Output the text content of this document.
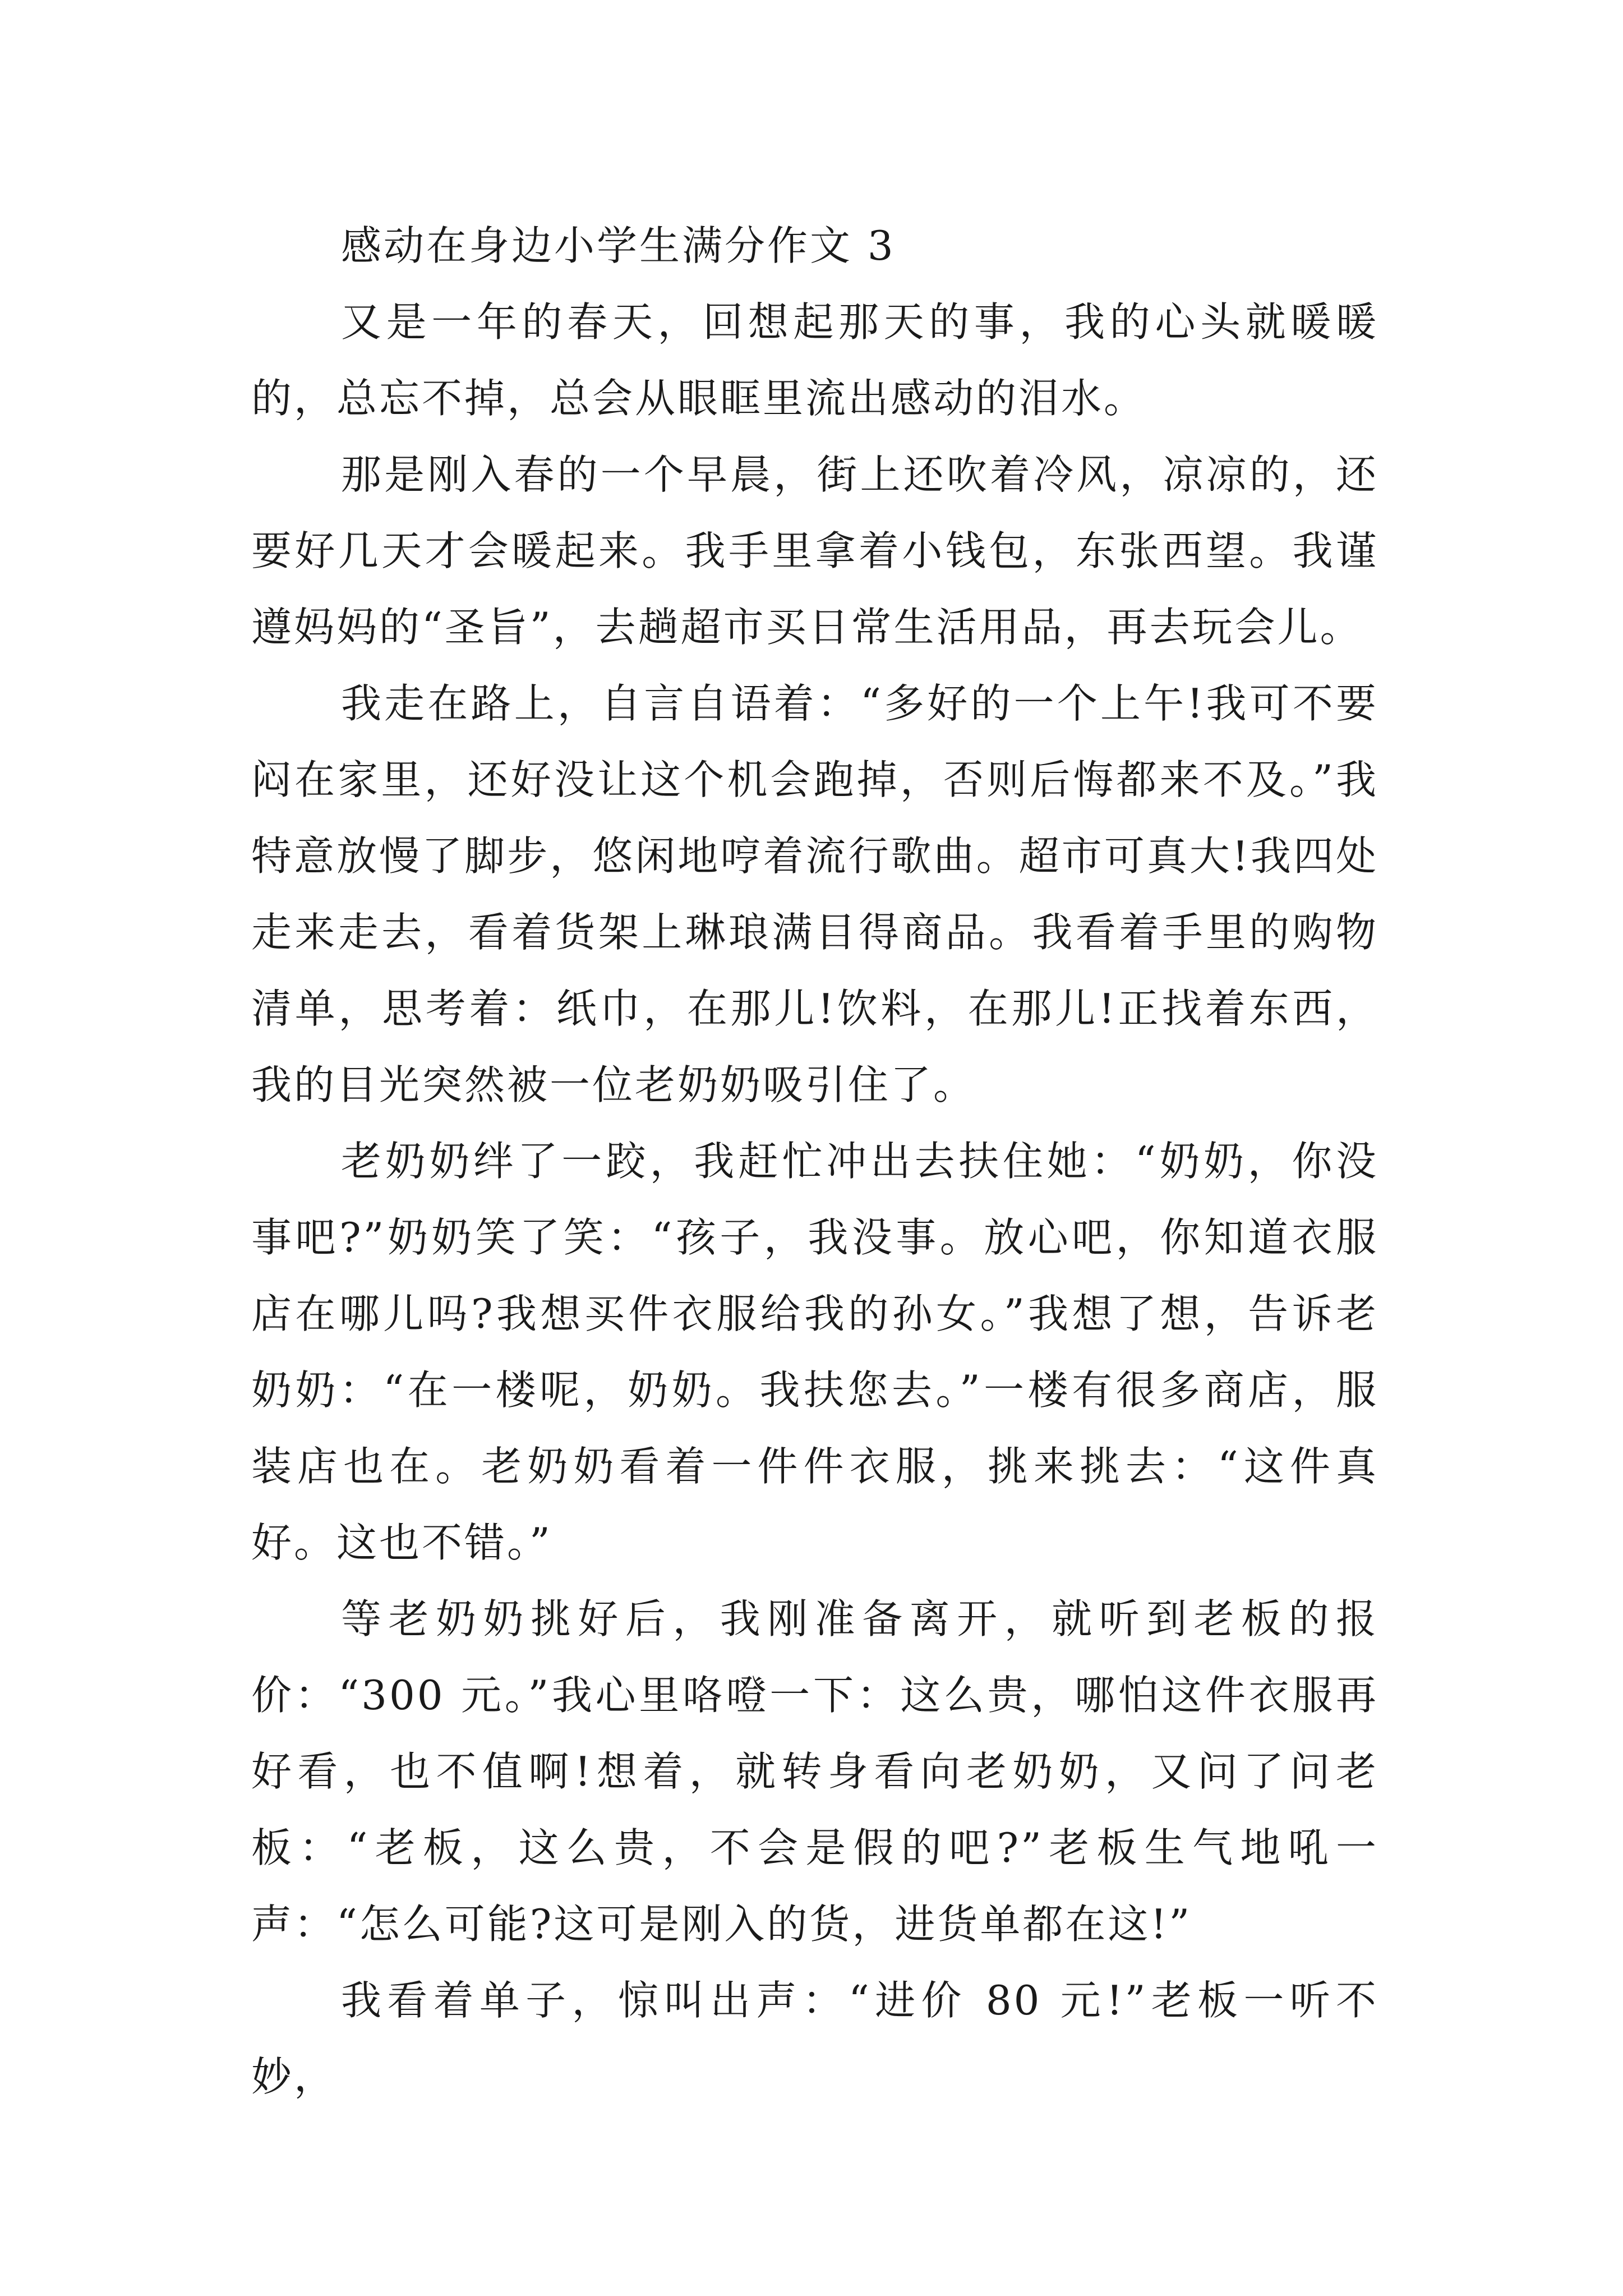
感动在身边小学生满分作文 3

又是一年的春天，回想起那天的事，我的心头就暖暖的，总忘不掉，总会从眼眶里流出感动的泪水。

那是刚入春的一个早晨，街上还吹着冷风，凉凉的，还要好几天才会暖起来。我手里拿着小钱包，东张西望。我谨遵妈妈的“圣旨”，去趟超市买日常生活用品，再去玩会儿。

我走在路上，自言自语着：“多好的一个上午!我可不要闷在家里，还好没让这个机会跑掉，否则后悔都来不及。”我特意放慢了脚步，悠闲地哼着流行歌曲。超市可真大!我四处走来走去，看着货架上琳琅满目得商品。我看着手里的购物清单，思考着：纸巾，在那儿!饮料，在那儿!正找着东西，我的目光突然被一位老奶奶吸引住了。

老奶奶绊了一跤，我赶忙冲出去扶住她：“奶奶，你没事吧?”奶奶笑了笑：“孩子，我没事。放心吧，你知道衣服店在哪儿吗?我想买件衣服给我的孙女。”我想了想，告诉老奶奶：“在一楼呢，奶奶。我扶您去。”一楼有很多商店，服装店也在。老奶奶看着一件件衣服，挑来挑去：“这件真好。这也不错。”

等老奶奶挑好后，我刚准备离开，就听到老板的报价：“300 元。”我心里咯噔一下：这么贵，哪怕这件衣服再好看，也不值啊!想着，就转身看向老奶奶，又问了问老板：“老板，这么贵，不会是假的吧?”老板生气地吼一声：“怎么可能?这可是刚入的货，进货单都在这!”

我看着单子，惊叫出声：“进价 80 元!”老板一听不妙，
